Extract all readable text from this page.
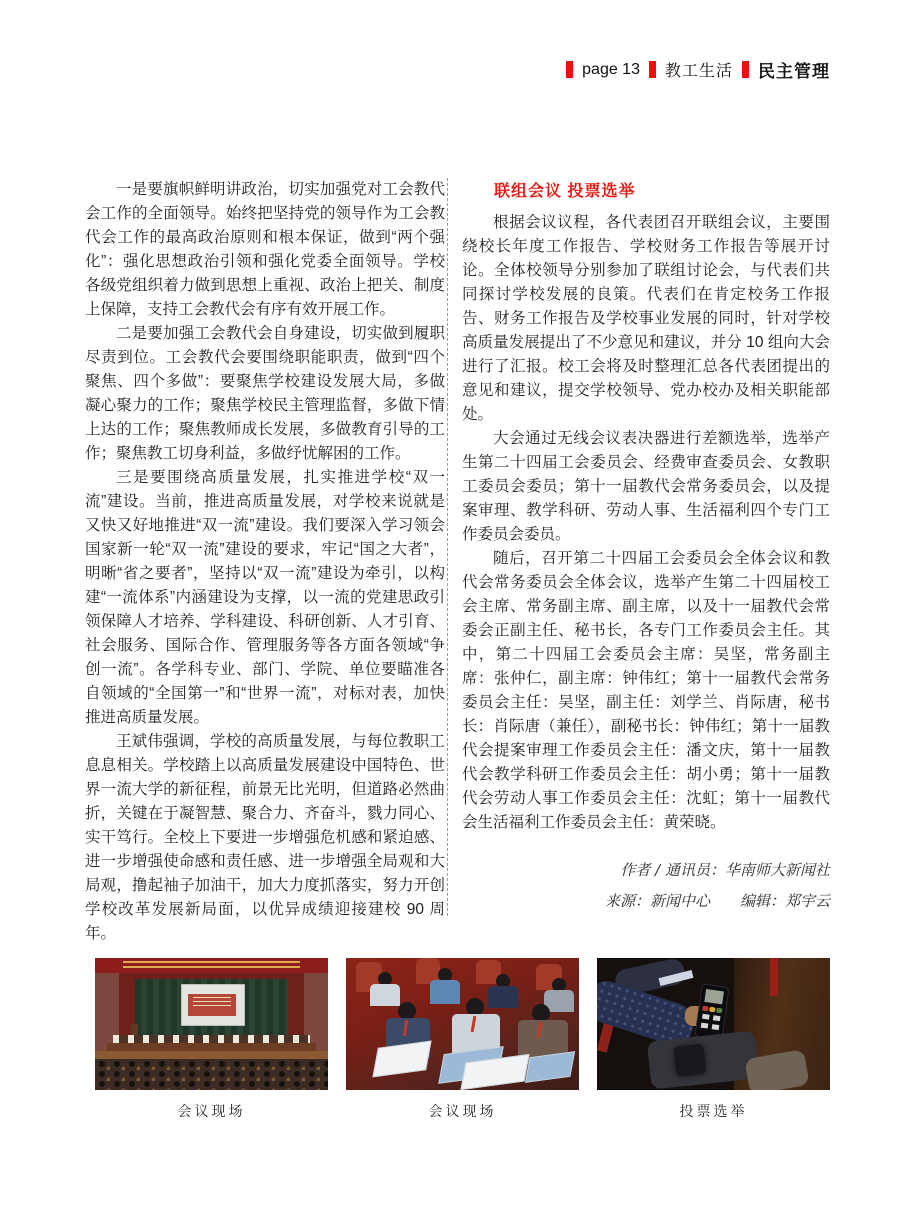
page 13 教工生活 民主管理

一是要旗帜鲜明讲政治，切实加强党对工会教代会工作的全面领导。始终把坚持党的领导作为工会教代会工作的最高政治原则和根本保证，做到“两个强化”：强化思想政治引领和强化党委全面领导。学校各级党组织着力做到思想上重视、政治上把关、制度上保障，支持工会教代会有序有效开展工作。

二是要加强工会教代会自身建设，切实做到履职尽责到位。工会教代会要围绕职能职责，做到“四个聚焦、四个多做”：要聚焦学校建设发展大局，多做凝心聚力的工作；聚焦学校民主管理监督，多做下情上达的工作；聚焦教师成长发展，多做教育引导的工作；聚焦教工切身利益，多做纾忧解困的工作。

三是要围绕高质量发展，扎实推进学校“双一流”建设。当前，推进高质量发展，对学校来说就是又快又好地推进“双一流”建设。我们要深入学习领会国家新一轮“双一流”建设的要求，牢记“国之大者”，明晰“省之要者”，坚持以“双一流”建设为牵引，以构建“一流体系”内涵建设为支撑，以一流的党建思政引领保障人才培养、学科建设、科研创新、人才引育、社会服务、国际合作、管理服务等各方面各领域“争创一流”。各学科专业、部门、学院、单位要瞄准各自领域的“全国第一”和“世界一流”，对标对表，加快推进高质量发展。

王斌伟强调，学校的高质量发展，与每位教职工息息相关。学校踏上以高质量发展建设中国特色、世界一流大学的新征程，前景无比光明，但道路必然曲折，关键在于凝智慧、聚合力、齐奋斗，戮力同心、实干笃行。全校上下要进一步增强危机感和紧迫感、进一步增强使命感和责任感、进一步增强全局观和大局观，撸起袖子加油干，加大力度抓落实，努力开创学校改革发展新局面，以优异成绩迎接建校 90 周年。

联组会议 投票选举

根据会议议程，各代表团召开联组会议，主要围绕校长年度工作报告、学校财务工作报告等展开讨论。全体校领导分别参加了联组讨论会，与代表们共同探讨学校发展的良策。代表们在肯定校务工作报告、财务工作报告及学校事业发展的同时，针对学校高质量发展提出了不少意见和建议，并分 10 组向大会进行了汇报。校工会将及时整理汇总各代表团提出的意见和建议，提交学校领导、党办校办及相关职能部处。

大会通过无线会议表决器进行差额选举，选举产生第二十四届工会委员会、经费审查委员会、女教职工委员会委员；第十一届教代会常务委员会，以及提案审理、教学科研、劳动人事、生活福利四个专门工作委员会委员。

随后，召开第二十四届工会委员会全体会议和教代会常务委员会全体会议，选举产生第二十四届校工会主席、常务副主席、副主席，以及十一届教代会常委会正副主任、秘书长，各专门工作委员会主任。其中，第二十四届工会委员会主席：吴坚，常务副主席：张仲仁，副主席：钟伟红；第十一届教代会常务委员会主任：吴坚，副主任：刘学兰、肖际唐，秘书长：肖际唐（兼任），副秘书长：钟伟红；第十一届教代会提案审理工作委员会主任：潘文庆，第十一届教代会教学科研工作委员会主任：胡小勇；第十一届教代会劳动人事工作委员会主任：沈虹；第十一届教代会生活福利工作委员会主任：黄荣晓。

作者 / 通讯员：华南师大新闻社
来源：新闻中心　　编辑：郑宇云
会议现场	会议现场	投票选举
